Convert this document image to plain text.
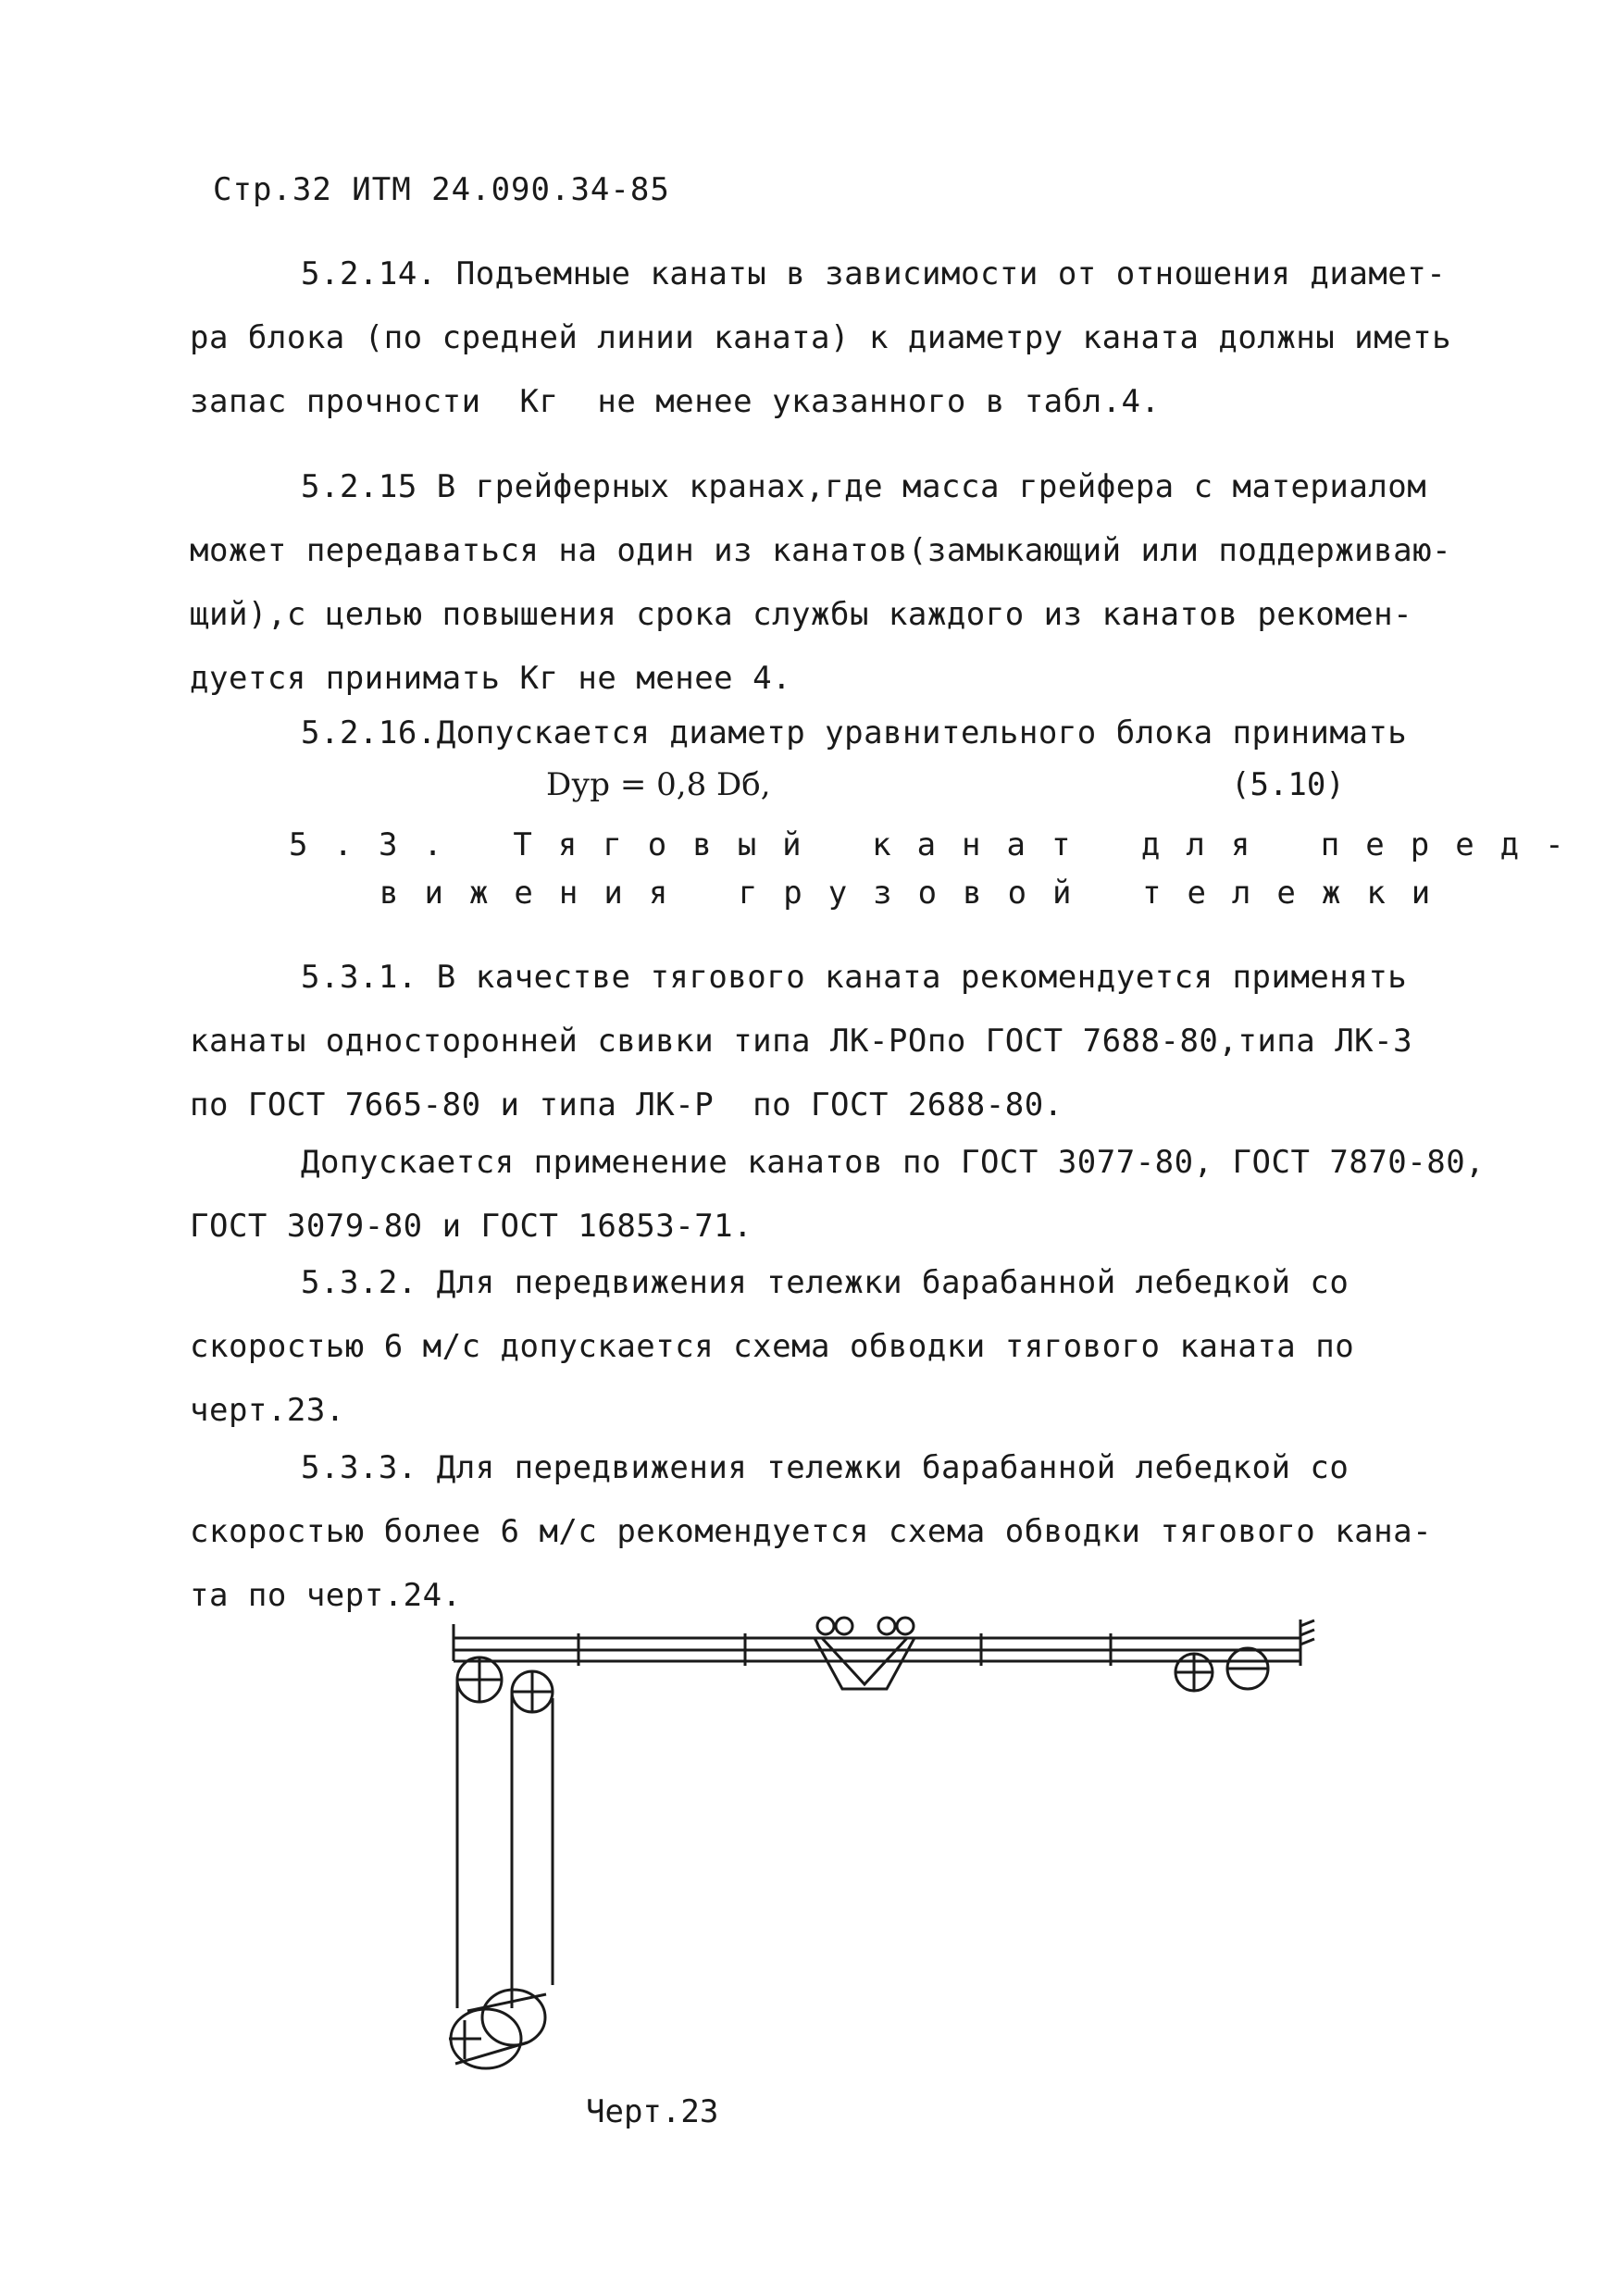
Стр.32 ИТМ 24.090.34-85
5.2.14. Подъемные канаты в зависимости от отношения диамет-
ра блока (по средней линии каната) к диаметру каната должны иметь
запас прочности  Кг  не менее указанного в табл.4.
5.2.15 В грейферных кранах,где масса грейфера с материалом
может передаваться на один из канатов(замыкающий или поддерживаю-
щий),с целью повышения срока службы каждого из канатов рекомен-
дуется принимать Кг не менее 4.
5.2.16.Допускается диаметр уравнительного блока принимать
Dур = 0,8 Dб,	(5.10)
5.3. Тяговый канат для перед-
вижения грузовой тележки
5.3.1. В качестве тягового каната рекомендуется применять
канаты односторонней свивки типа ЛК-РОпо ГОСТ 7688-80,типа ЛК-3
по ГОСТ 7665-80 и типа ЛК-Р  по ГОСТ 2688-80.
Допускается применение канатов по ГОСТ 3077-80, ГОСТ 7870-80,
ГОСТ 3079-80 и ГОСТ 16853-71.
5.3.2. Для передвижения тележки барабанной лебедкой со
скоростью 6 м/с допускается схема обводки тягового каната по
черт.23.
5.3.3. Для передвижения тележки барабанной лебедкой со
скоростью более 6 м/с рекомендуется схема обводки тягового кана-
та по черт.24.
Черт.23
